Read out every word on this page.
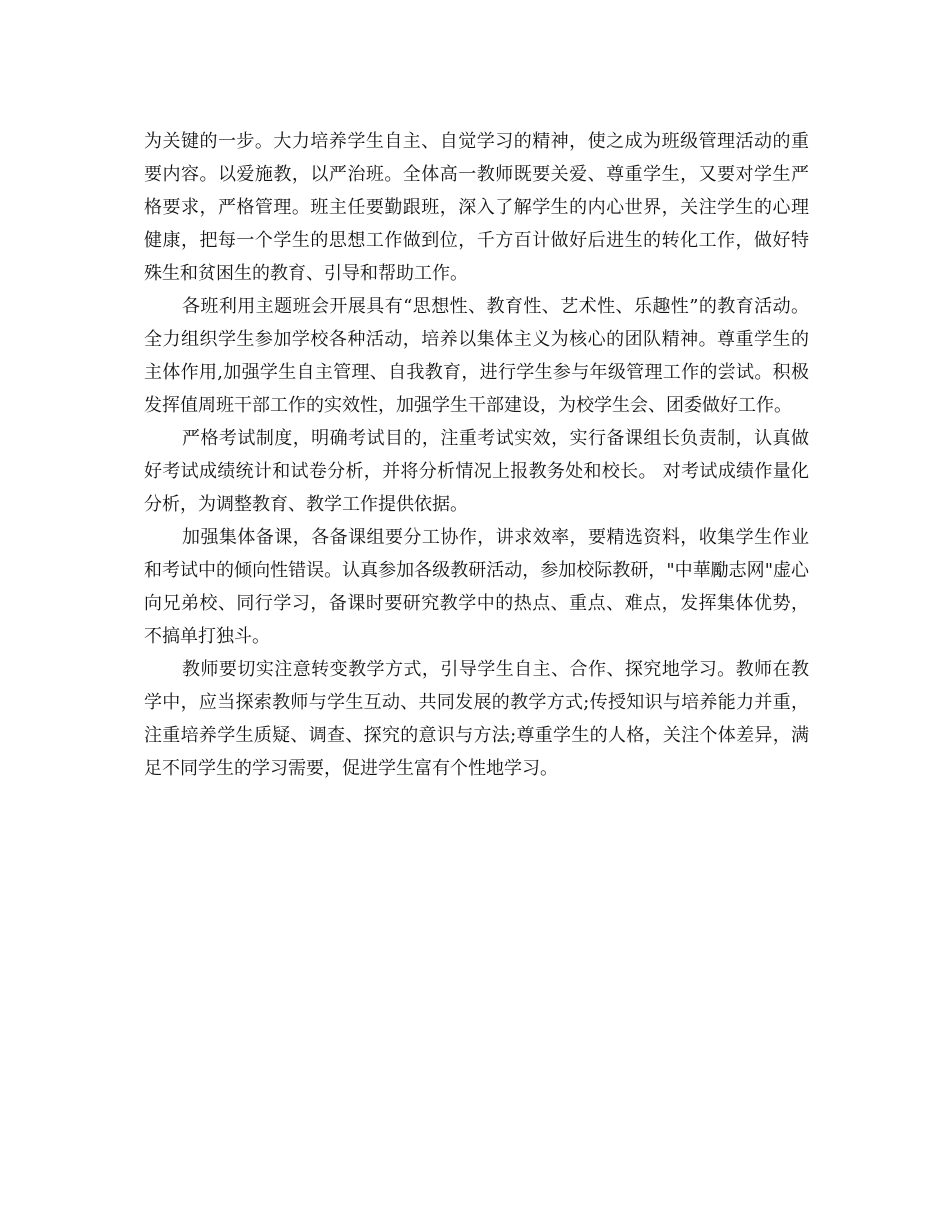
为关键的一步。大力培养学生自主、自觉学习的精神，使之成为班级管理活动的重要内容。以爱施教，以严治班。全体高一教师既要关爱、尊重学生，又要对学生严格要求，严格管理。班主任要勤跟班，深入了解学生的内心世界，关注学生的心理健康，把每一个学生的思想工作做到位，千方百计做好后进生的转化工作，做好特殊生和贫困生的教育、引导和帮助工作。

各班利用主题班会开展具有“思想性、教育性、艺术性、乐趣性”的教育活动。全力组织学生参加学校各种活动，培养以集体主义为核心的团队精神。尊重学生的主体作用,加强学生自主管理、自我教育，进行学生参与年级管理工作的尝试。积极发挥值周班干部工作的实效性，加强学生干部建设，为校学生会、团委做好工作。

严格考试制度，明确考试目的，注重考试实效，实行备课组长负责制，认真做好考试成绩统计和试卷分析，并将分析情况上报教务处和校长。 对考试成绩作量化分析，为调整教育、教学工作提供依据。

加强集体备课，各备课组要分工协作，讲求效率，要精选资料，收集学生作业和考试中的倾向性错误。认真参加各级教研活动，参加校际教研，"中華勵志网"虚心向兄弟校、同行学习，备课时要研究教学中的热点、重点、难点，发挥集体优势，不搞单打独斗。

教师要切实注意转变教学方式，引导学生自主、合作、探究地学习。教师在教学中，应当探索教师与学生互动、共同发展的教学方式;传授知识与培养能力并重，注重培养学生质疑、调查、探究的意识与方法;尊重学生的人格，关注个体差异，满足不同学生的学习需要，促进学生富有个性地学习。
